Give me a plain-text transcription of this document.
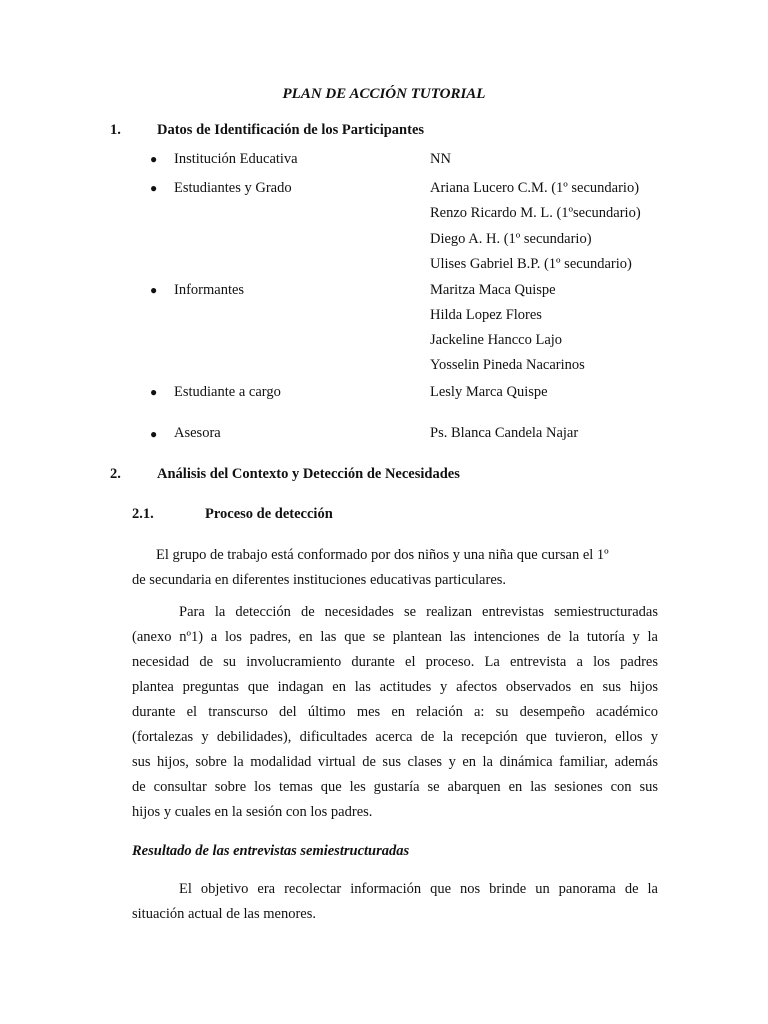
PLAN DE ACCIÓN TUTORIAL
1. Datos de Identificación de los Participantes
● Institución Educativa	NN
● Estudiantes y Grado	Ariana Lucero C.M. (1º secundario)
Renzo Ricardo M. L. (1ºsecundario)
Diego A. H. (1º secundario)
Ulises Gabriel B.P. (1º secundario)
● Informantes	Maritza Maca Quispe
Hilda Lopez Flores
Jackeline Hancco Lajo
Yosselin Pineda Nacarinos
● Estudiante a cargo	Lesly Marca Quispe
● Asesora	Ps. Blanca Candela Najar
2. Análisis del Contexto y Detección de Necesidades
2.1.	Proceso de detección
El grupo de trabajo está conformado por dos niños y una niña que cursan el 1º
de secundaria en diferentes instituciones educativas particulares.
Para la detección de necesidades se realizan entrevistas semiestructuradas
(anexo nº1) a los padres, en las que se plantean las intenciones de la tutoría y la
necesidad de su involucramiento durante el proceso. La entrevista a los padres
plantea preguntas que indagan en las actitudes y afectos observados en sus hijos
durante el transcurso del último mes en relación a: su desempeño académico
(fortalezas y debilidades), dificultades acerca de la recepción que tuvieron, ellos y
sus hijos, sobre la modalidad virtual de sus clases y en la dinámica familiar, además
de consultar sobre los temas que les gustaría se abarquen en las sesiones con sus
hijos y cuales en la sesión con los padres.
Resultado de las entrevistas semiestructuradas
El objetivo era recolectar información que nos brinde un panorama de la
situación actual de las menores.
